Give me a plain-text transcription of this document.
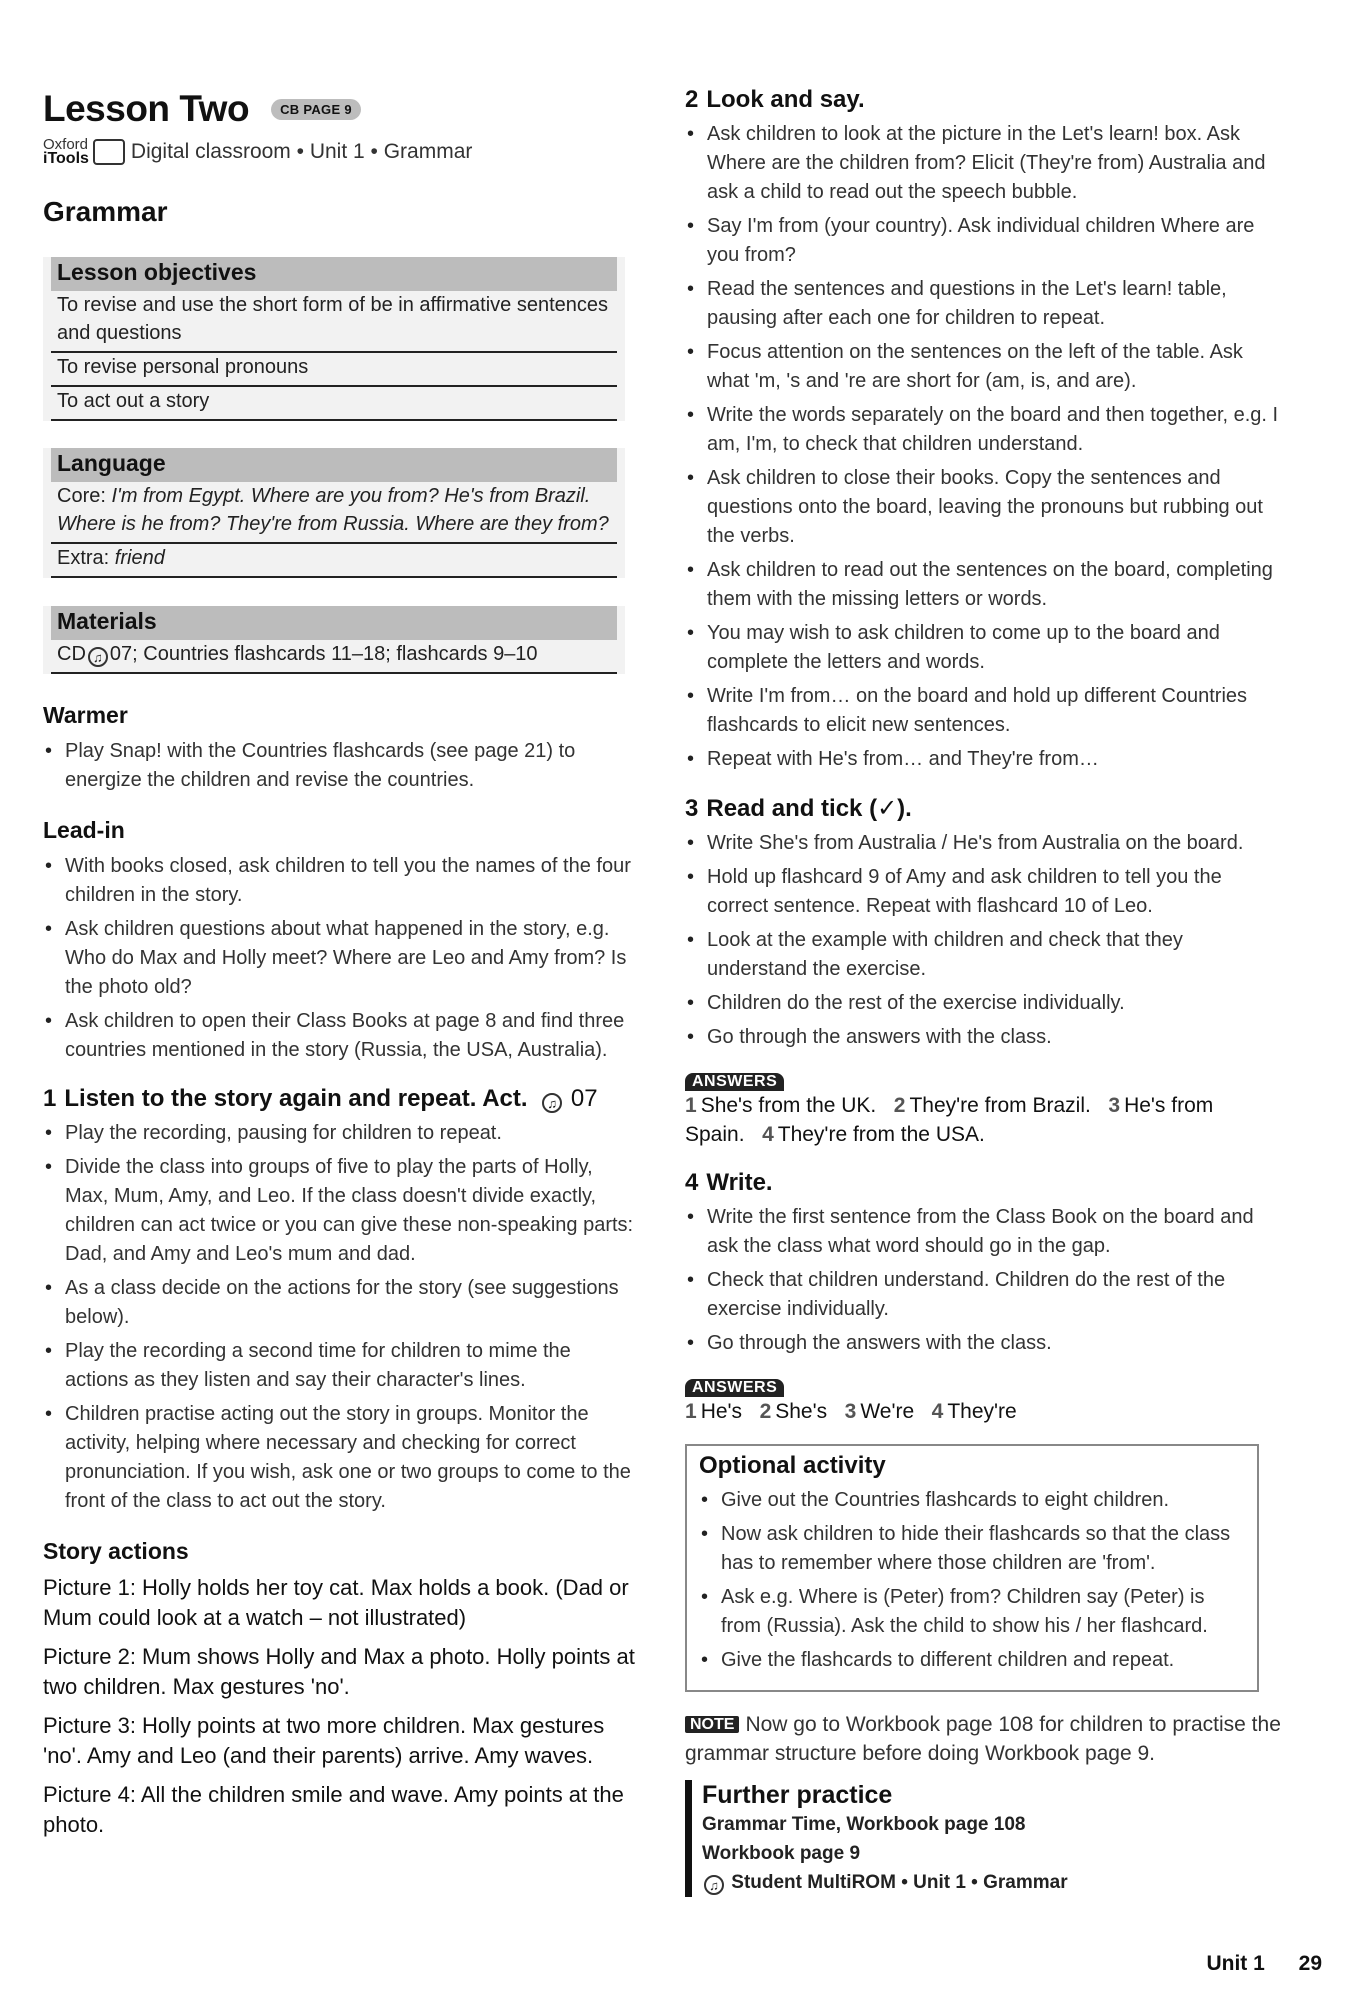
Lesson Two	CB PAGE 9
Oxford
iTools Digital classroom • Unit 1 • Grammar
Grammar
Lesson objectives
To revise and use the short form of be in affirmative sentences and questions
To revise personal pronouns
To act out a story
Language
Core: I'm from Egypt. Where are you from? He's from Brazil. Where is he from? They're from Russia. Where are they from?
Extra: friend
Materials
CD ♫ 07; Countries flashcards 11–18; flashcards 9–10
Warmer
• Play Snap! with the Countries flashcards (see page 21) to energize the children and revise the countries.
Lead-in
• With books closed, ask children to tell you the names of the four children in the story.
• Ask children questions about what happened in the story, e.g. Who do Max and Holly meet? Where are Leo and Amy from? Is the photo old?
• Ask children to open their Class Books at page 8 and find three countries mentioned in the story (Russia, the USA, Australia).
1 Listen to the story again and repeat. Act. ♫ 07
• Play the recording, pausing for children to repeat.
• Divide the class into groups of five to play the parts of Holly, Max, Mum, Amy, and Leo. If the class doesn't divide exactly, children can act twice or you can give these non-speaking parts: Dad, and Amy and Leo's mum and dad.
• As a class decide on the actions for the story (see suggestions below).
• Play the recording a second time for children to mime the actions as they listen and say their character's lines.
• Children practise acting out the story in groups. Monitor the activity, helping where necessary and checking for correct pronunciation. If you wish, ask one or two groups to come to the front of the class to act out the story.
Story actions

Picture 1: Holly holds her toy cat. Max holds a book. (Dad or Mum could look at a watch – not illustrated)

Picture 2: Mum shows Holly and Max a photo. Holly points at two children. Max gestures 'no'.

Picture 3: Holly points at two more children. Max gestures 'no'. Amy and Leo (and their parents) arrive. Amy waves.

Picture 4: All the children smile and wave. Amy points at the photo.

2 Look and say.
• Ask children to look at the picture in the Let's learn! box. Ask Where are the children from? Elicit (They're from) Australia and ask a child to read out the speech bubble.
• Say I'm from (your country). Ask individual children Where are you from?
• Read the sentences and questions in the Let's learn! table, pausing after each one for children to repeat.
• Focus attention on the sentences on the left of the table. Ask what 'm, 's and 're are short for (am, is, and are).
• Write the words separately on the board and then together, e.g. I am, I'm, to check that children understand.
• Ask children to close their books. Copy the sentences and questions onto the board, leaving the pronouns but rubbing out the verbs.
• Ask children to read out the sentences on the board, completing them with the missing letters or words.
• You may wish to ask children to come up to the board and complete the letters and words.
• Write I'm from… on the board and hold up different Countries flashcards to elicit new sentences.
• Repeat with He's from… and They're from…
3 Read and tick (✓).
• Write She's from Australia / He's from Australia on the board.
• Hold up flashcard 9 of Amy and ask children to tell you the correct sentence. Repeat with flashcard 10 of Leo.
• Look at the example with children and check that they understand the exercise.
• Children do the rest of the exercise individually.
• Go through the answers with the class.
ANSWERS
1 She's from the UK. 2 They're from Brazil. 3 He's from Spain. 4 They're from the USA.
4 Write.
• Write the first sentence from the Class Book on the board and ask the class what word should go in the gap.
• Check that children understand. Children do the rest of the exercise individually.
• Go through the answers with the class.
ANSWERS
1 He's 2 She's 3 We're 4 They're
Optional activity
• Give out the Countries flashcards to eight children.
• Now ask children to hide their flashcards so that the class has to remember where those children are 'from'.
• Ask e.g. Where is (Peter) from? Children say (Peter) is from (Russia). Ask the child to show his / her flashcard.
• Give the flashcards to different children and repeat.
NOTE Now go to Workbook page 108 for children to practise the grammar structure before doing Workbook page 9.
Further practice
Grammar Time, Workbook page 108
Workbook page 9
♫ Student MultiROM • Unit 1 • Grammar
Unit 1 29
